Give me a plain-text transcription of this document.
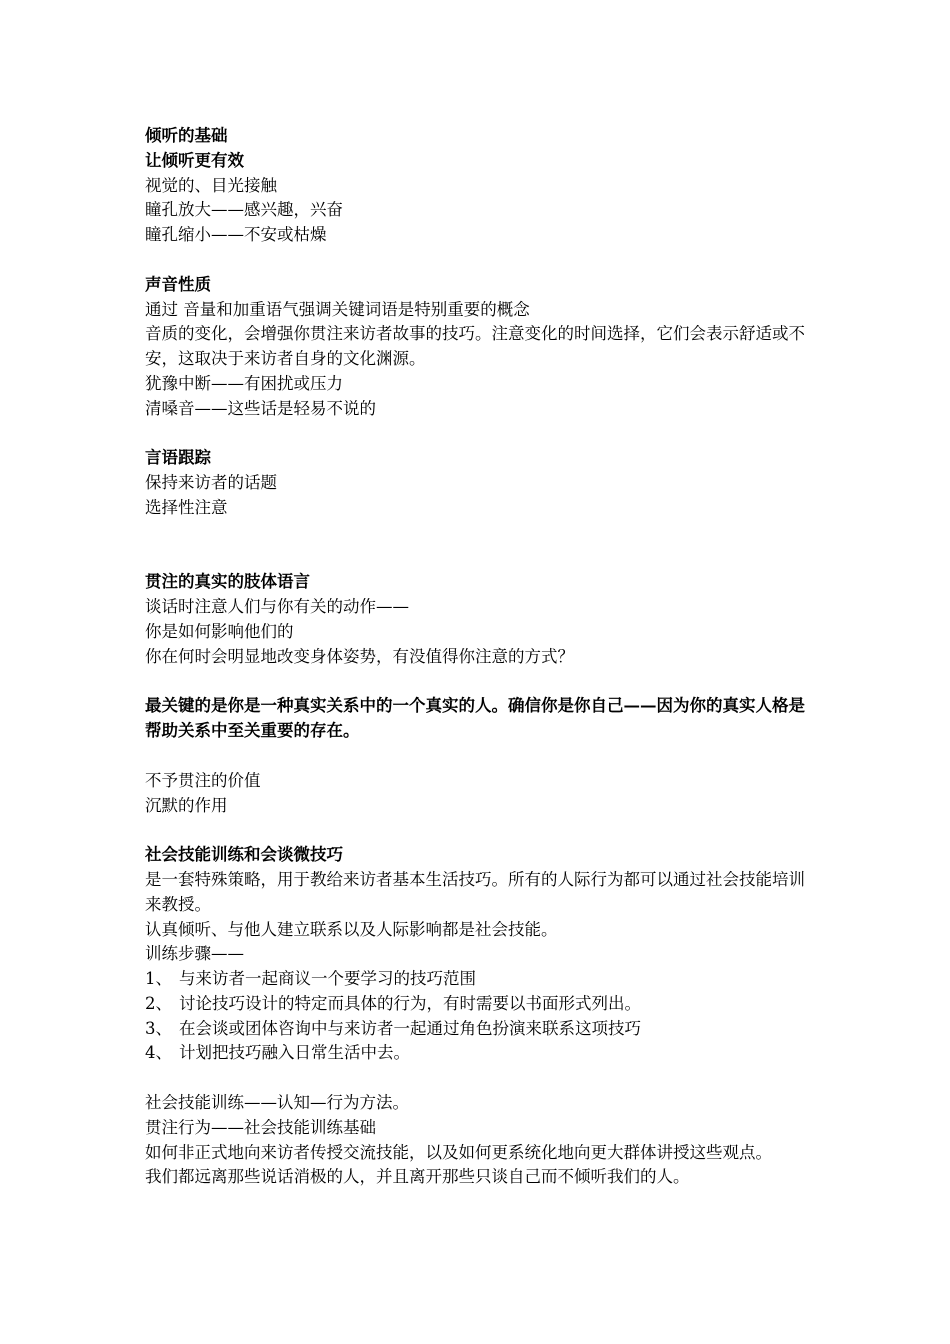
倾听的基础

让倾听更有效

视觉的、目光接触

瞳孔放大——感兴趣，兴奋

瞳孔缩小——不安或枯燥

声音性质

通过 音量和加重语气强调关键词语是特别重要的概念

音质的变化，会增强你贯注来访者故事的技巧。注意变化的时间选择，它们会表示舒适或不安，这取决于来访者自身的文化渊源。

犹豫中断——有困扰或压力

清嗓音——这些话是轻易不说的

言语跟踪

保持来访者的话题

选择性注意

贯注的真实的肢体语言

谈话时注意人们与你有关的动作——

你是如何影响他们的

你在何时会明显地改变身体姿势，有没值得你注意的方式？

最关键的是你是一种真实关系中的一个真实的人。确信你是你自己——因为你的真实人格是帮助关系中至关重要的存在。

不予贯注的价值

沉默的作用

社会技能训练和会谈微技巧

是一套特殊策略，用于教给来访者基本生活技巧。所有的人际行为都可以通过社会技能培训来教授。

认真倾听、与他人建立联系以及人际影响都是社会技能。

训练步骤——

1、 与来访者一起商议一个要学习的技巧范围
2、 讨论技巧设计的特定而具体的行为，有时需要以书面形式列出。
3、 在会谈或团体咨询中与来访者一起通过角色扮演来联系这项技巧
4、 计划把技巧融入日常生活中去。

社会技能训练——认知—行为方法。

贯注行为——社会技能训练基础

如何非正式地向来访者传授交流技能，以及如何更系统化地向更大群体讲授这些观点。

我们都远离那些说话消极的人，并且离开那些只谈自己而不倾听我们的人。
